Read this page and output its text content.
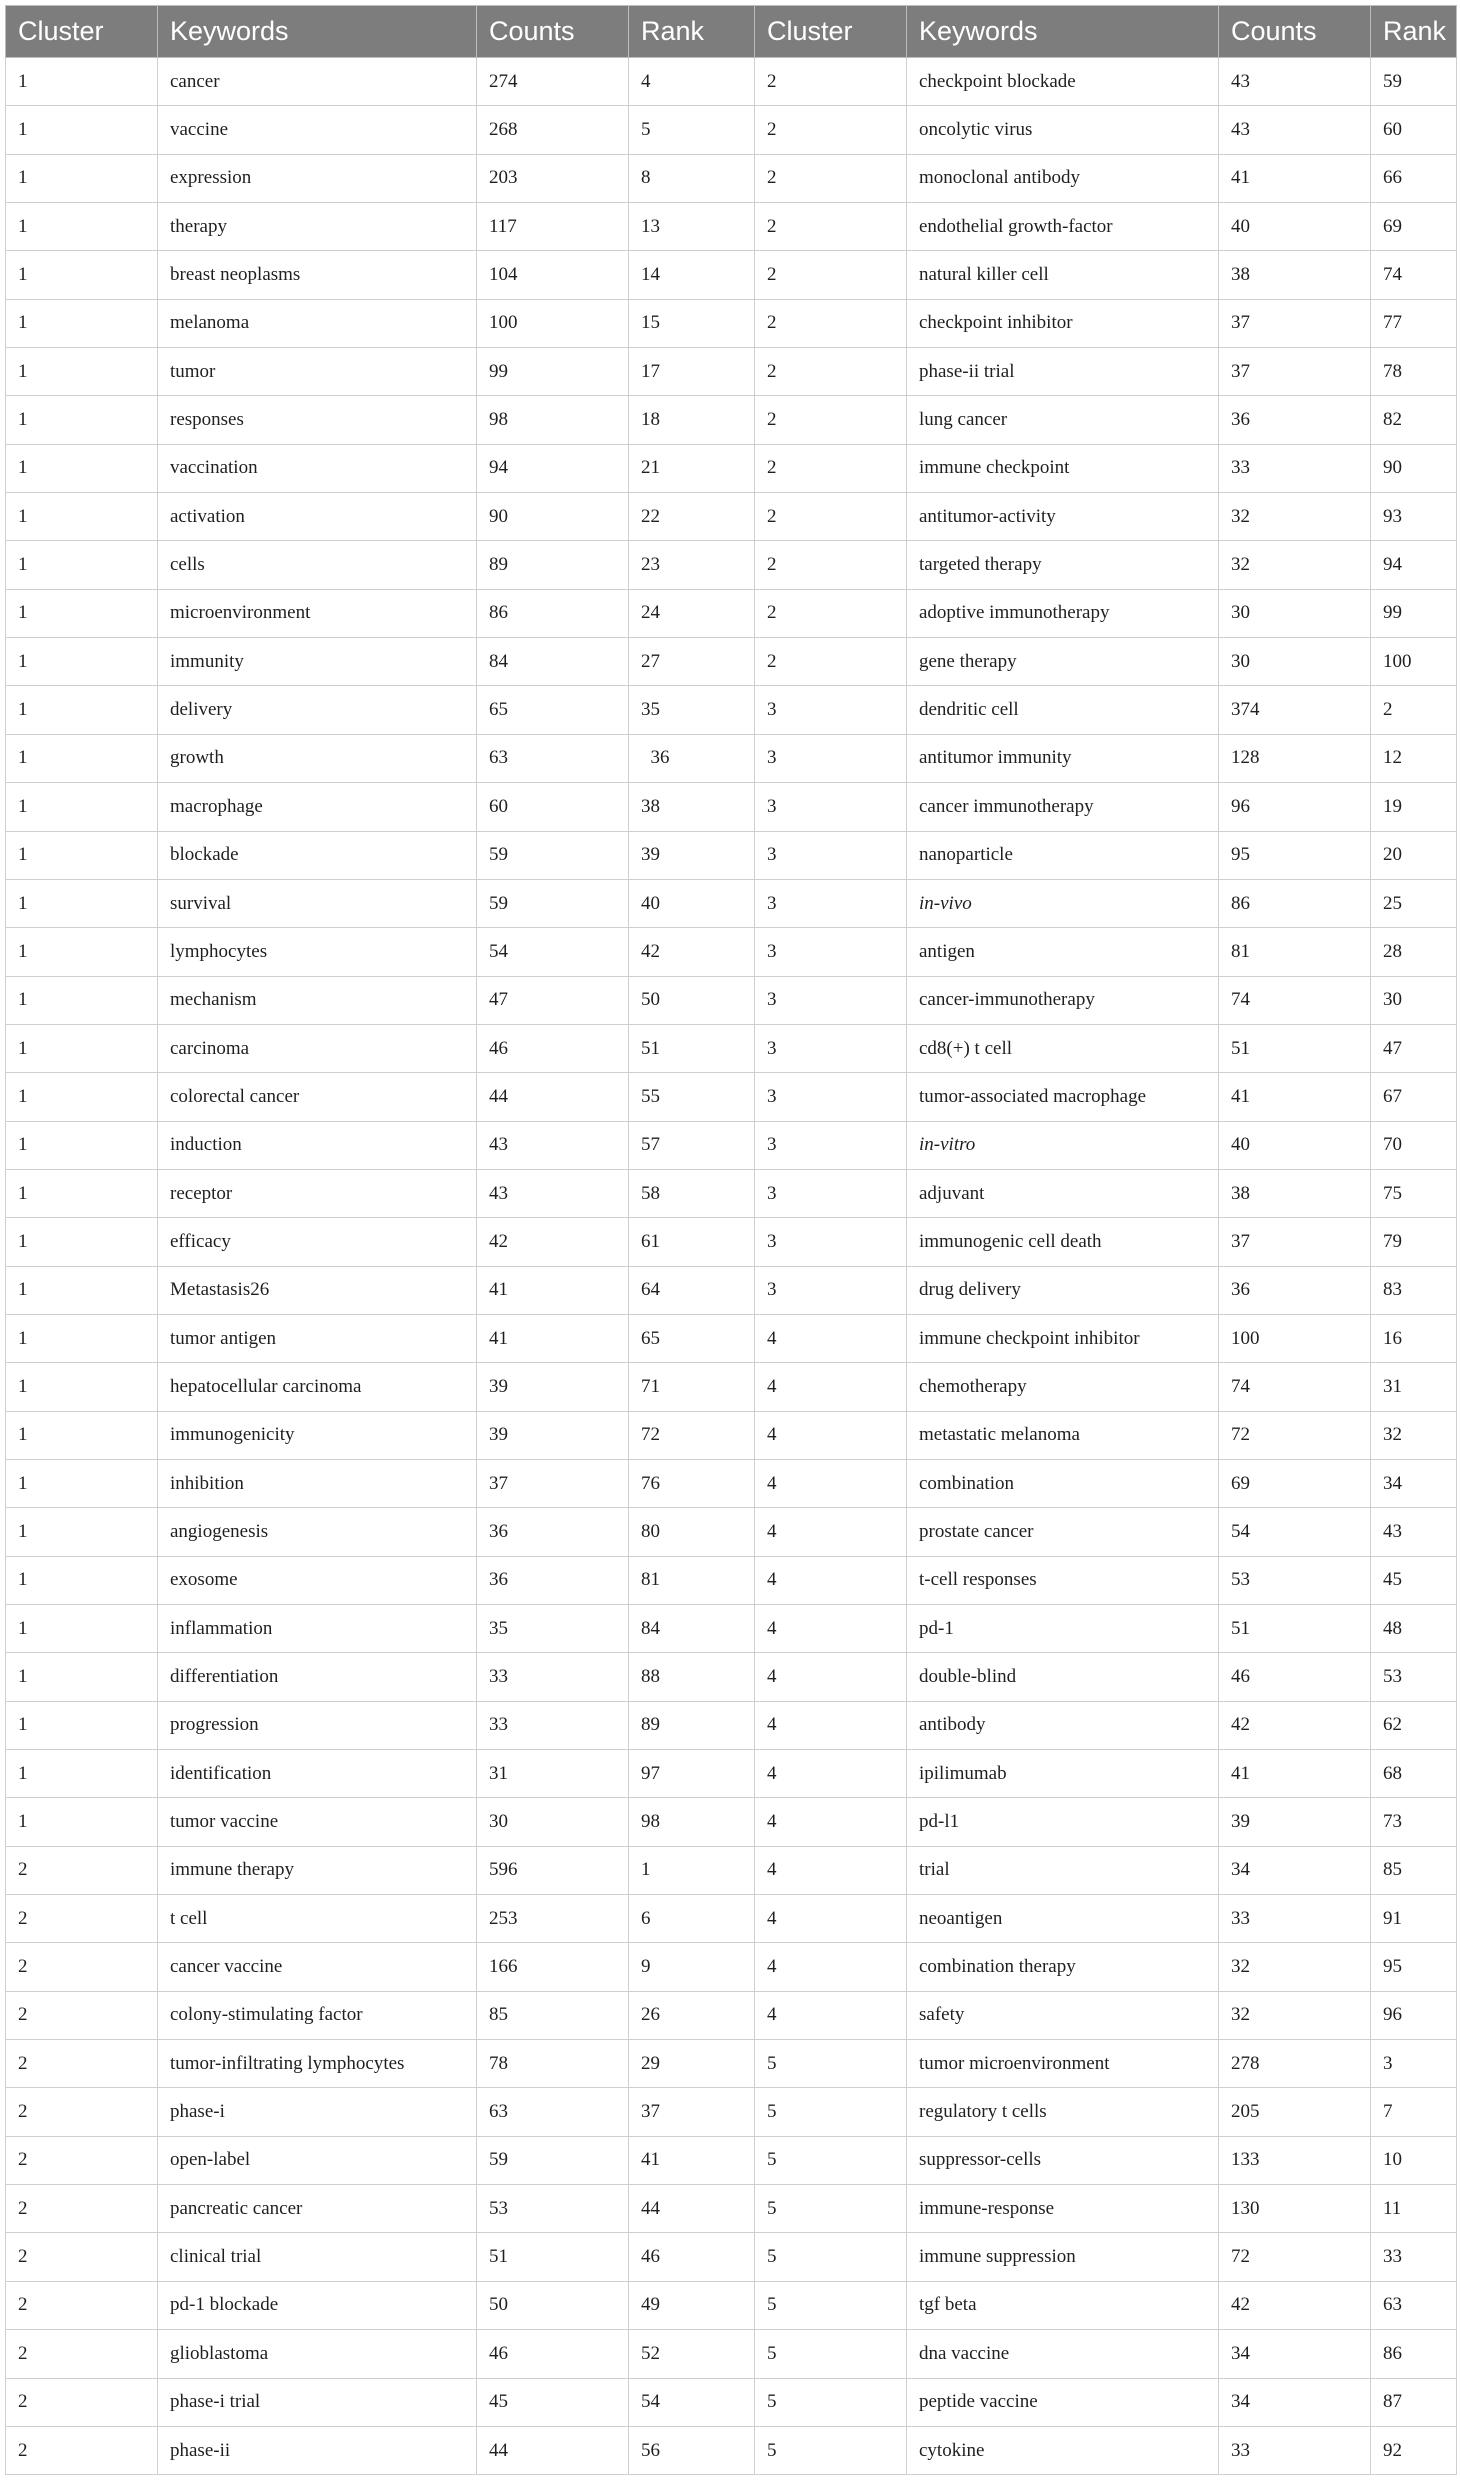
Cluster	Keywords	Counts	Rank	Cluster	Keywords	Counts	Rank
1	cancer	274	4	2	checkpoint blockade	43	59
1	vaccine	268	5	2	oncolytic virus	43	60
1	expression	203	8	2	monoclonal antibody	41	66
1	therapy	117	13	2	endothelial growth-factor	40	69
1	breast neoplasms	104	14	2	natural killer cell	38	74
1	melanoma	100	15	2	checkpoint inhibitor	37	77
1	tumor	99	17	2	phase-ii trial	37	78
1	responses	98	18	2	lung cancer	36	82
1	vaccination	94	21	2	immune checkpoint	33	90
1	activation	90	22	2	antitumor-activity	32	93
1	cells	89	23	2	targeted therapy	32	94
1	microenvironment	86	24	2	adoptive immunotherapy	30	99
1	immunity	84	27	2	gene therapy	30	100
1	delivery	65	35	3	dendritic cell	374	2
1	growth	63	36	3	antitumor immunity	128	12
1	macrophage	60	38	3	cancer immunotherapy	96	19
1	blockade	59	39	3	nanoparticle	95	20
1	survival	59	40	3	in-vivo	86	25
1	lymphocytes	54	42	3	antigen	81	28
1	mechanism	47	50	3	cancer-immunotherapy	74	30
1	carcinoma	46	51	3	cd8(+) t cell	51	47
1	colorectal cancer	44	55	3	tumor-associated macrophage	41	67
1	induction	43	57	3	in-vitro	40	70
1	receptor	43	58	3	adjuvant	38	75
1	efficacy	42	61	3	immunogenic cell death	37	79
1	Metastasis26	41	64	3	drug delivery	36	83
1	tumor antigen	41	65	4	immune checkpoint inhibitor	100	16
1	hepatocellular carcinoma	39	71	4	chemotherapy	74	31
1	immunogenicity	39	72	4	metastatic melanoma	72	32
1	inhibition	37	76	4	combination	69	34
1	angiogenesis	36	80	4	prostate cancer	54	43
1	exosome	36	81	4	t-cell responses	53	45
1	inflammation	35	84	4	pd-1	51	48
1	differentiation	33	88	4	double-blind	46	53
1	progression	33	89	4	antibody	42	62
1	identification	31	97	4	ipilimumab	41	68
1	tumor vaccine	30	98	4	pd-l1	39	73
2	immune therapy	596	1	4	trial	34	85
2	t cell	253	6	4	neoantigen	33	91
2	cancer vaccine	166	9	4	combination therapy	32	95
2	colony-stimulating factor	85	26	4	safety	32	96
2	tumor-infiltrating lymphocytes	78	29	5	tumor microenvironment	278	3
2	phase-i	63	37	5	regulatory t cells	205	7
2	open-label	59	41	5	suppressor-cells	133	10
2	pancreatic cancer	53	44	5	immune-response	130	11
2	clinical trial	51	46	5	immune suppression	72	33
2	pd-1 blockade	50	49	5	tgf beta	42	63
2	glioblastoma	46	52	5	dna vaccine	34	86
2	phase-i trial	45	54	5	peptide vaccine	34	87
2	phase-ii	44	56	5	cytokine	33	92
